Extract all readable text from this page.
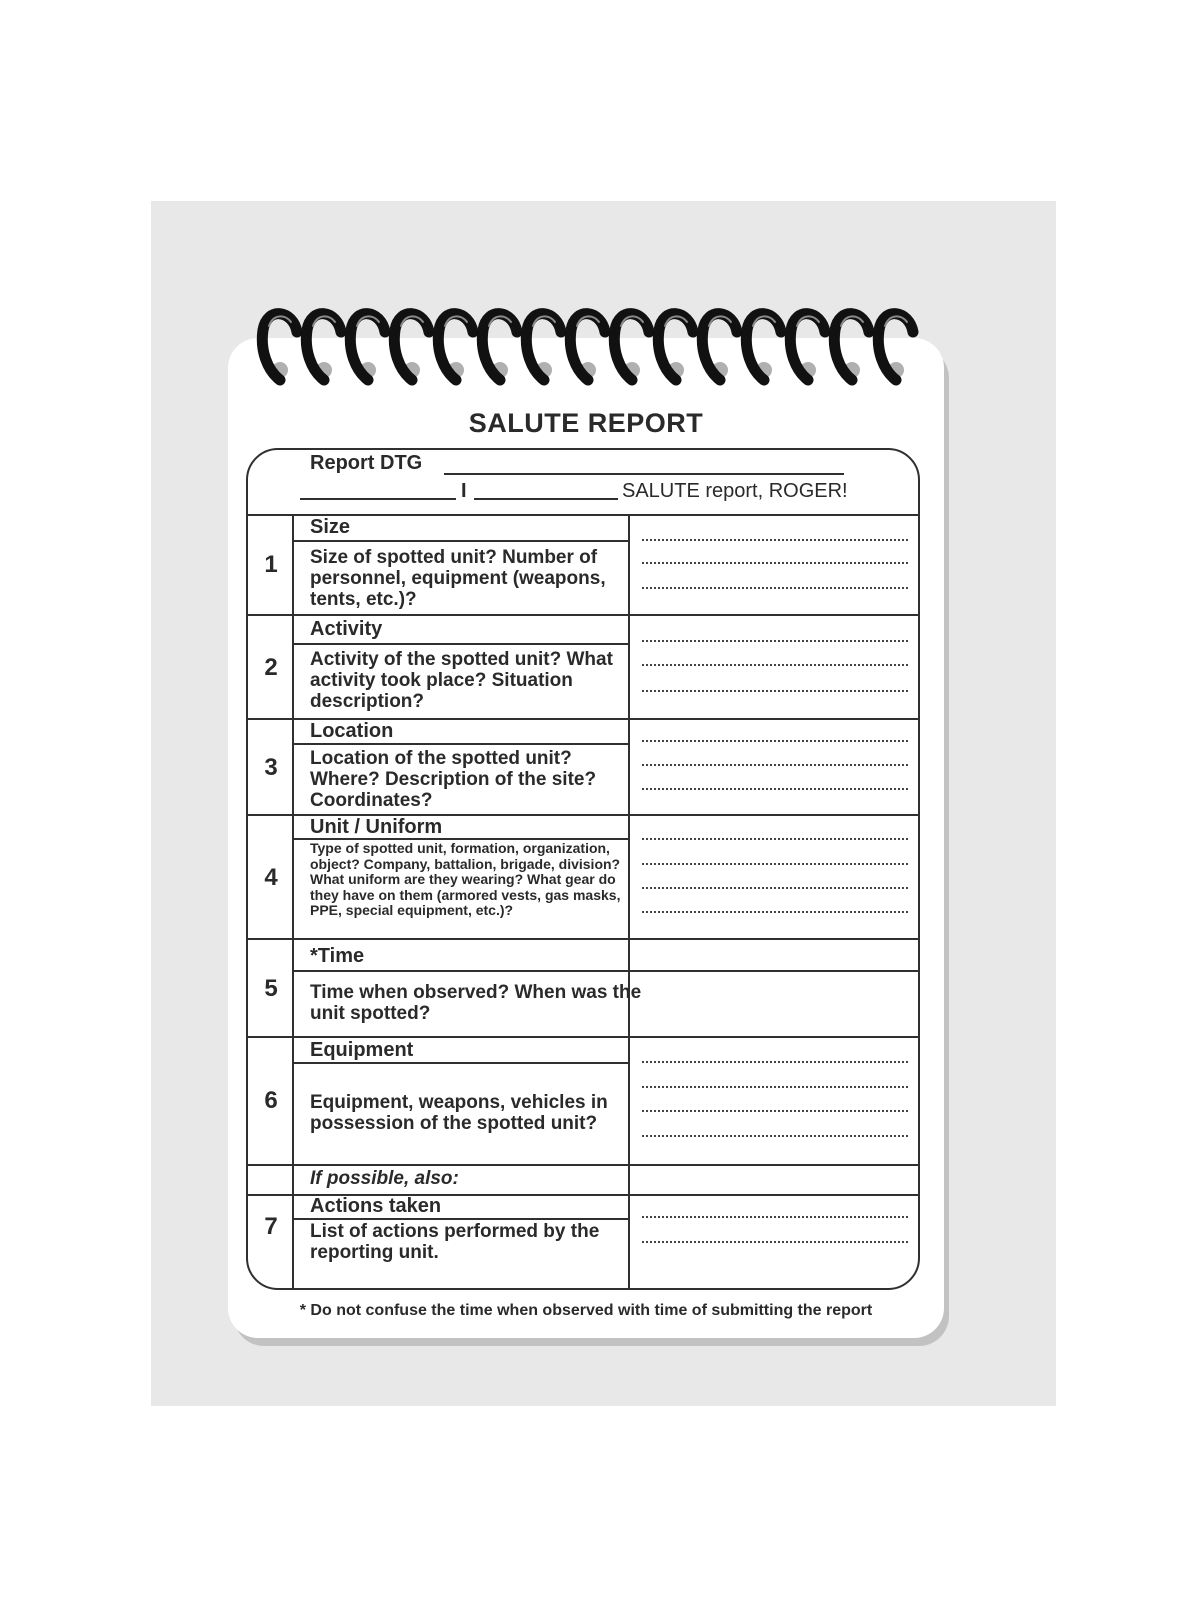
SALUTE REPORT
Report DTG
I	SALUTE report, ROGER!
1
Size
Size of spotted unit? Number of personnel, equipment (weapons, tents, etc.)?
2
Activity
Activity of the spotted unit? What activity took place? Situation description?
3
Location
Location of the spotted unit? Where? Description of the site? Coordinates?
4
Unit / Uniform
Type of spotted unit, formation, organization, object? Company, battalion, brigade, division? What uniform are they wearing? What gear do they have on them (armored vests, gas masks, PPE, special equipment, etc.)?
5
*Time
Time when observed? When was the unit spotted?
6
Equipment
Equipment, weapons, vehicles in possession of the spotted unit?
If possible, also:
7
Actions taken
List of actions performed by the reporting unit.
* Do not confuse the time when observed with time of submitting the report
